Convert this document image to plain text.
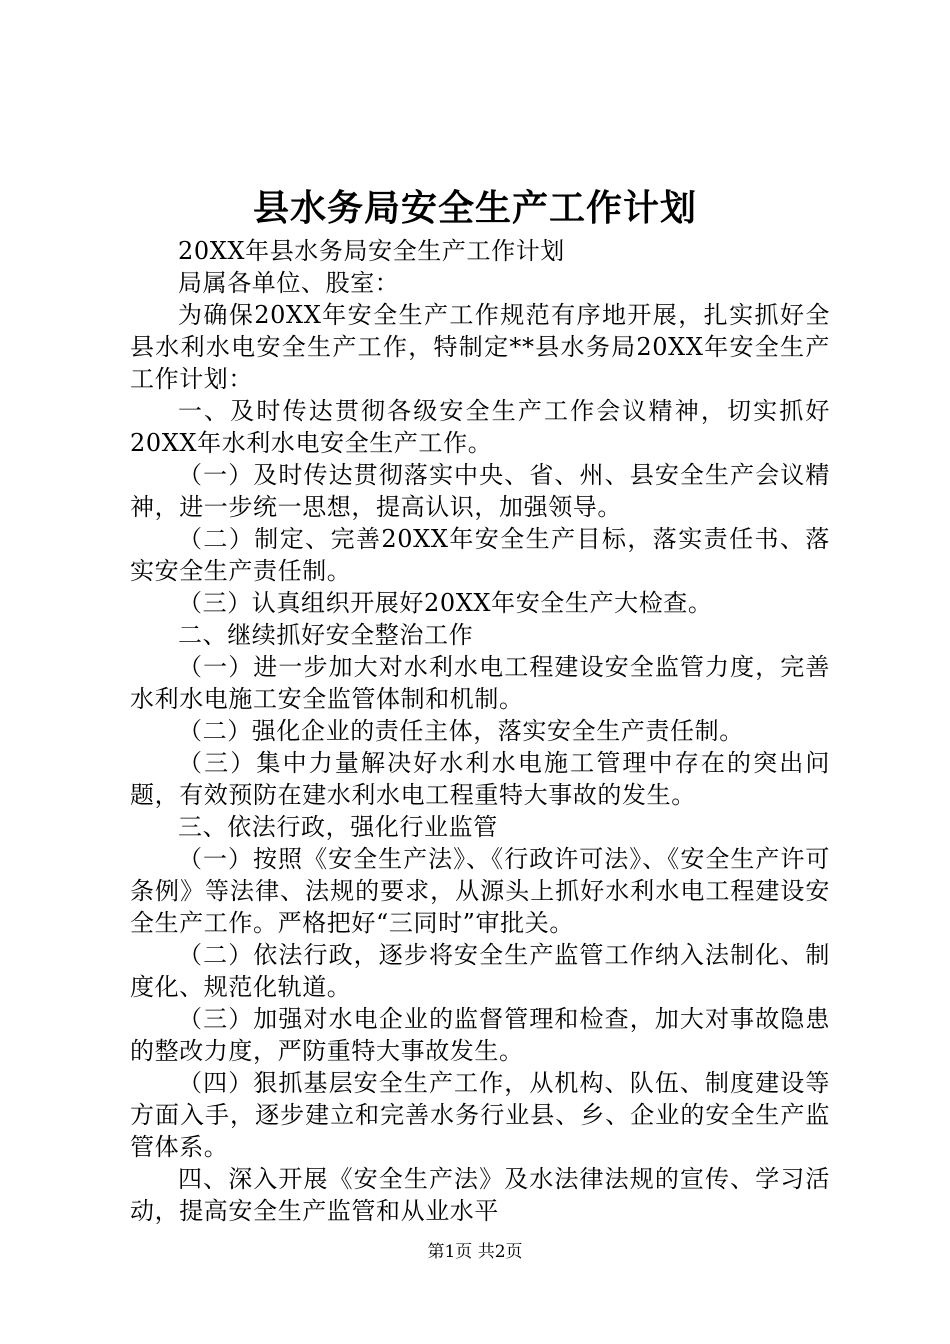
县水务局安全生产工作计划

20XX年县水务局安全生产工作计划

局属各单位、股室：

为确保20XX年安全生产工作规范有序地开展，扎实抓好全县水利水电安全生产工作，特制定**县水务局20XX年安全生产工作计划：

一、及时传达贯彻各级安全生产工作会议精神，切实抓好20XX年水利水电安全生产工作。

（一）及时传达贯彻落实中央、省、州、县安全生产会议精神，进一步统一思想，提高认识，加强领导。

（二）制定、完善20XX年安全生产目标，落实责任书、落实安全生产责任制。

（三）认真组织开展好20XX年安全生产大检查。

二、继续抓好安全整治工作

（一）进一步加大对水利水电工程建设安全监管力度，完善水利水电施工安全监管体制和机制。

（二）强化企业的责任主体，落实安全生产责任制。

（三）集中力量解决好水利水电施工管理中存在的突出问题，有效预防在建水利水电工程重特大事故的发生。

三、依法行政，强化行业监管

（一）按照《安全生产法》、《行政许可法》、《安全生产许可条例》等法律、法规的要求，从源头上抓好水利水电工程建设安全生产工作。严格把好“三同时”审批关。

（二）依法行政，逐步将安全生产监管工作纳入法制化、制度化、规范化轨道。

（三）加强对水电企业的监督管理和检查，加大对事故隐患的整改力度，严防重特大事故发生。

（四）狠抓基层安全生产工作，从机构、队伍、制度建设等方面入手，逐步建立和完善水务行业县、乡、企业的安全生产监管体系。

四、深入开展《安全生产法》及水法律法规的宣传、学习活动，提高安全生产监管和从业水平

第1页 共2页
